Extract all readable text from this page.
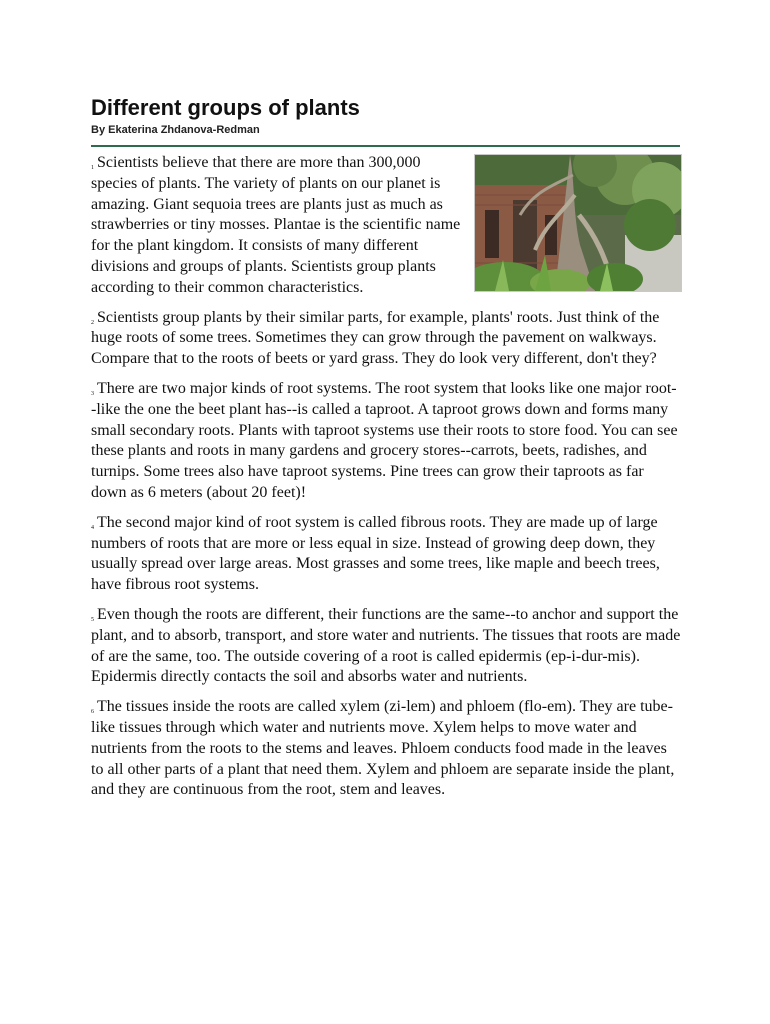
Different groups of plants
By Ekaterina Zhdanova-Redman

$^1$ Scientists believe that there are more than 300,000 species of plants. The variety of plants on our planet is amazing. Giant sequoia trees are plants just as much as strawberries or tiny mosses. Plantae is the scientific name for the plant kingdom. It consists of many different divisions and groups of plants. Scientists group plants according to their common characteristics.

$^2$ Scientists group plants by their similar parts, for example, plants' roots. Just think of the huge roots of some trees. Sometimes they can grow through the pavement on walkways. Compare that to the roots of beets or yard grass. They do look very different, don't they?

$^3$ There are two major kinds of root systems. The root system that looks like one major root--like the one the beet plant has--is called a taproot. A taproot grows down and forms many small secondary roots. Plants with taproot systems use their roots to store food. You can see these plants and roots in many gardens and grocery stores--carrots, beets, radishes, and turnips. Some trees also have taproot systems. Pine trees can grow their taproots as far down as 6 meters (about 20 feet)!

$^4$ The second major kind of root system is called fibrous roots. They are made up of large numbers of roots that are more or less equal in size. Instead of growing deep down, they usually spread over large areas. Most grasses and some trees, like maple and beech trees, have fibrous root systems.

$^5$ Even though the roots are different, their functions are the same--to anchor and support the plant, and to absorb, transport, and store water and nutrients. The tissues that roots are made of are the same, too. The outside covering of a root is called epidermis (ep-i-dur-mis). Epidermis directly contacts the soil and absorbs water and nutrients.

$^6$ The tissues inside the roots are called xylem (zi-lem) and phloem (flo-em). They are tube-like tissues through which water and nutrients move. Xylem helps to move water and nutrients from the roots to the stems and leaves. Phloem conducts food made in the leaves to all other parts of a plant that need them. Xylem and phloem are separate inside the plant, and they are continuous from the root, stem and leaves.
